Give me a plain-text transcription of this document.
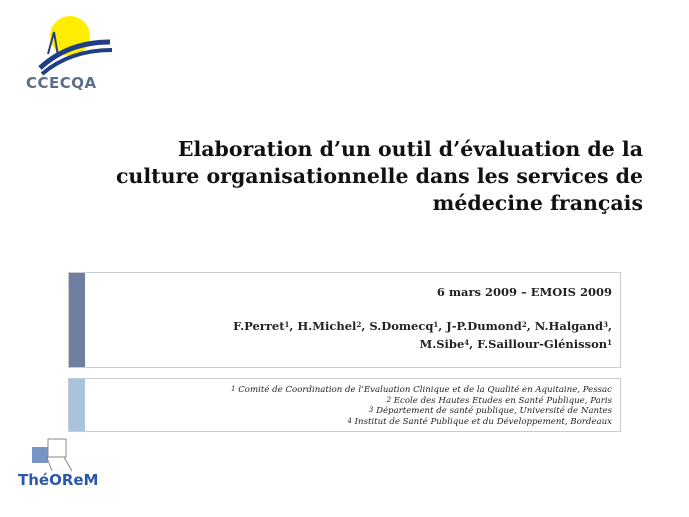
CCECQA
Elaboration d’un outil d’évaluation de la
culture organisationnelle dans les services de
médecine français
6 mars 2009 – EMOIS 2009
F.Perret$^1$, H.Michel$^2$, S.Domecq$^1$, J-P.Dumond$^2$, N.Halgand$^3$,
M.Sibe$^4$, F.Saillour-Glénisson$^1$
$^1$ Comité de Coordination de l’Evaluation Clinique et de la Qualité en Aquitaine, Pessac
$^2$ Ecole des Hautes Etudes en Santé Publique, Paris
$^3$ Département de santé publique, Université de Nantes
$^4$ Institut de Santé Publique et du Développement, Bordeaux
ThéOReM
